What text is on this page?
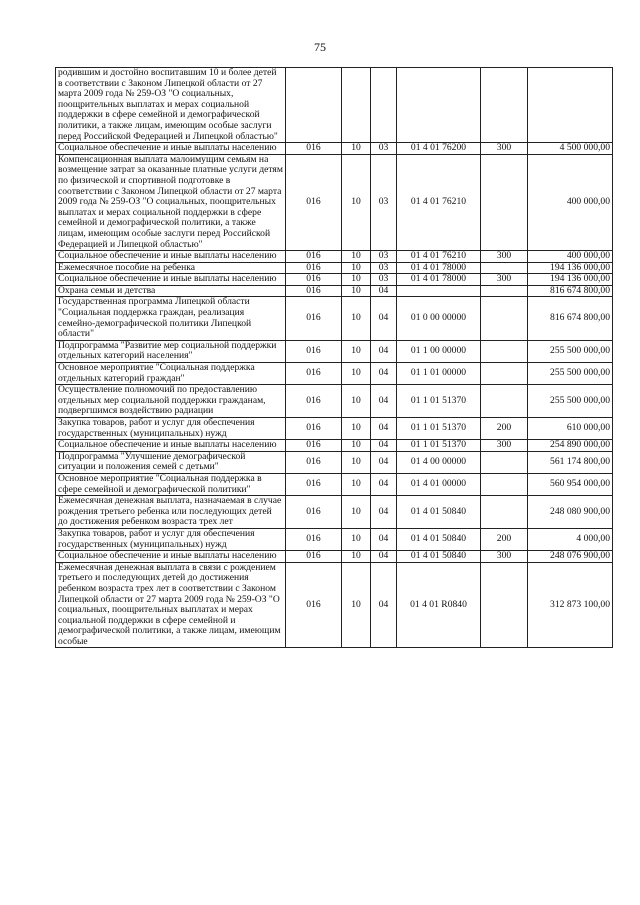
75
родившим и достойно воспитавшим 10 и более детей в соответствии с Законом Липецкой области от 27 марта 2009 года № 259-ОЗ "О социальных, поощрительных выплатах и мерах социальной поддержки в сфере семейной и демографической политики, а также лицам, имеющим особые заслуги перед Российской Федерацией и Липецкой областью"						
Социальное обеспечение и иные выплаты населению	016	10	03	01 4 01 76200	300	4 500 000,00
Компенсационная выплата малоимущим семьям на возмещение затрат за оказанные платные услуги детям по физической и спортивной подготовке в соответствии с Законом Липецкой области от 27 марта 2009 года № 259-ОЗ "О социальных, поощрительных выплатах и мерах социальной поддержки в сфере семейной и демографической политики, а также лицам, имеющим особые заслуги перед Российской Федерацией и Липецкой областью"	016	10	03	01 4 01 76210		400 000,00
Социальное обеспечение и иные выплаты населению	016	10	03	01 4 01 76210	300	400 000,00
Ежемесячное пособие на ребенка	016	10	03	01 4 01 78000		194 136 000,00
Социальное обеспечение и иные выплаты населению	016	10	03	01 4 01 78000	300	194 136 000,00
Охрана семьи и детства	016	10	04			816 674 800,00
Государственная программа Липецкой области "Социальная поддержка граждан, реализация семейно-демографической политики Липецкой области"	016	10	04	01 0 00 00000		816 674 800,00
Подпрограмма "Развитие мер социальной поддержки отдельных категорий населения"	016	10	04	01 1 00 00000		255 500 000,00
Основное мероприятие "Социальная поддержка отдельных категорий граждан"	016	10	04	01 1 01 00000		255 500 000,00
Осуществление полномочий по предоставлению отдельных мер социальной поддержки гражданам, подвергшимся воздействию радиации	016	10	04	01 1 01 51370		255 500 000,00
Закупка товаров, работ и услуг для обеспечения государственных (муниципальных) нужд	016	10	04	01 1 01 51370	200	610 000,00
Социальное обеспечение и иные выплаты населению	016	10	04	01 1 01 51370	300	254 890 000,00
Подпрограмма "Улучшение демографической ситуации и положения семей с детьми"	016	10	04	01 4 00 00000		561 174 800,00
Основное мероприятие "Социальная поддержка в сфере семейной и демографической политики"	016	10	04	01 4 01 00000		560 954 000,00
Ежемесячная денежная выплата, назначаемая в случае рождения третьего ребенка или последующих детей до достижения ребенком возраста трех лет	016	10	04	01 4 01 50840		248 080 900,00
Закупка товаров, работ и услуг для обеспечения государственных (муниципальных) нужд	016	10	04	01 4 01 50840	200	4 000,00
Социальное обеспечение и иные выплаты населению	016	10	04	01 4 01 50840	300	248 076 900,00
Ежемесячная денежная выплата в связи с рождением третьего и последующих детей до достижения ребенком возраста трех лет в соответствии с Законом Липецкой области от 27 марта 2009 года № 259-ОЗ "О социальных, поощрительных выплатах и мерах социальной поддержки в сфере семейной и демографической политики, а также лицам, имеющим особые	016	10	04	01 4 01 R0840		312 873 100,00
